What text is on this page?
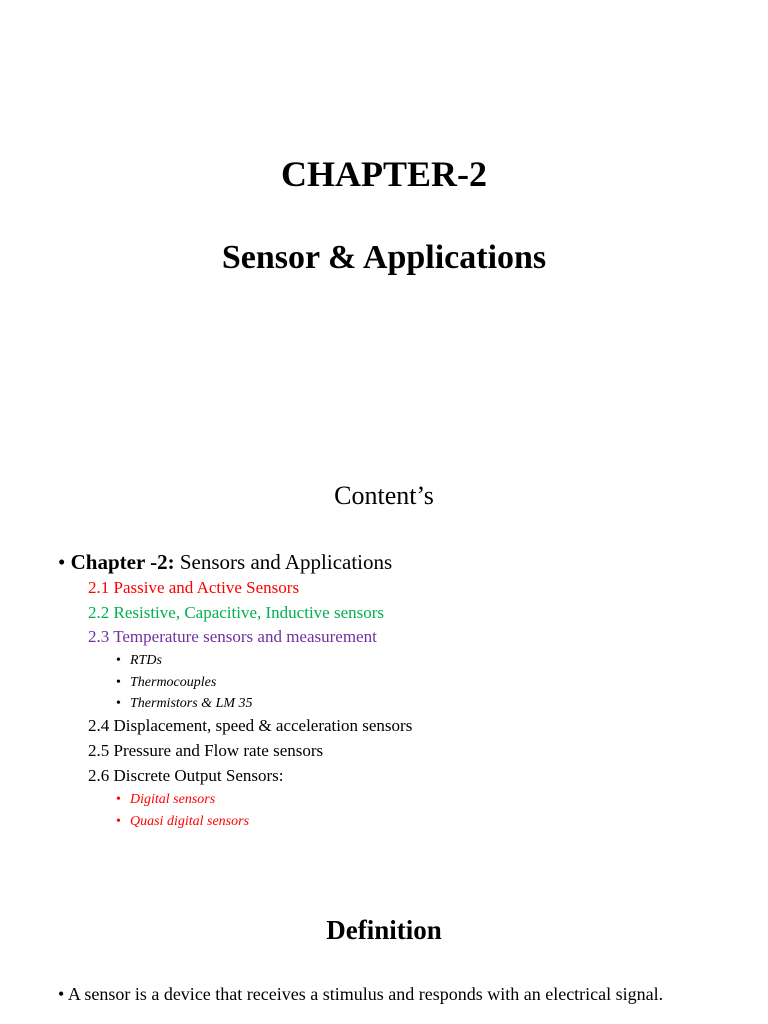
CHAPTER-2
Sensor & Applications
Content’s
• Chapter -2: Sensors and Applications
2.1 Passive and Active Sensors
2.2 Resistive, Capacitive, Inductive sensors
2.3 Temperature sensors and measurement
• RTDs
• Thermocouples
• Thermistors & LM 35
2.4 Displacement, speed & acceleration sensors
2.5 Pressure and Flow rate sensors
2.6 Discrete Output Sensors:
• Digital sensors
• Quasi digital sensors
Definition
• A sensor is a device that receives a stimulus and responds with an electrical signal.
